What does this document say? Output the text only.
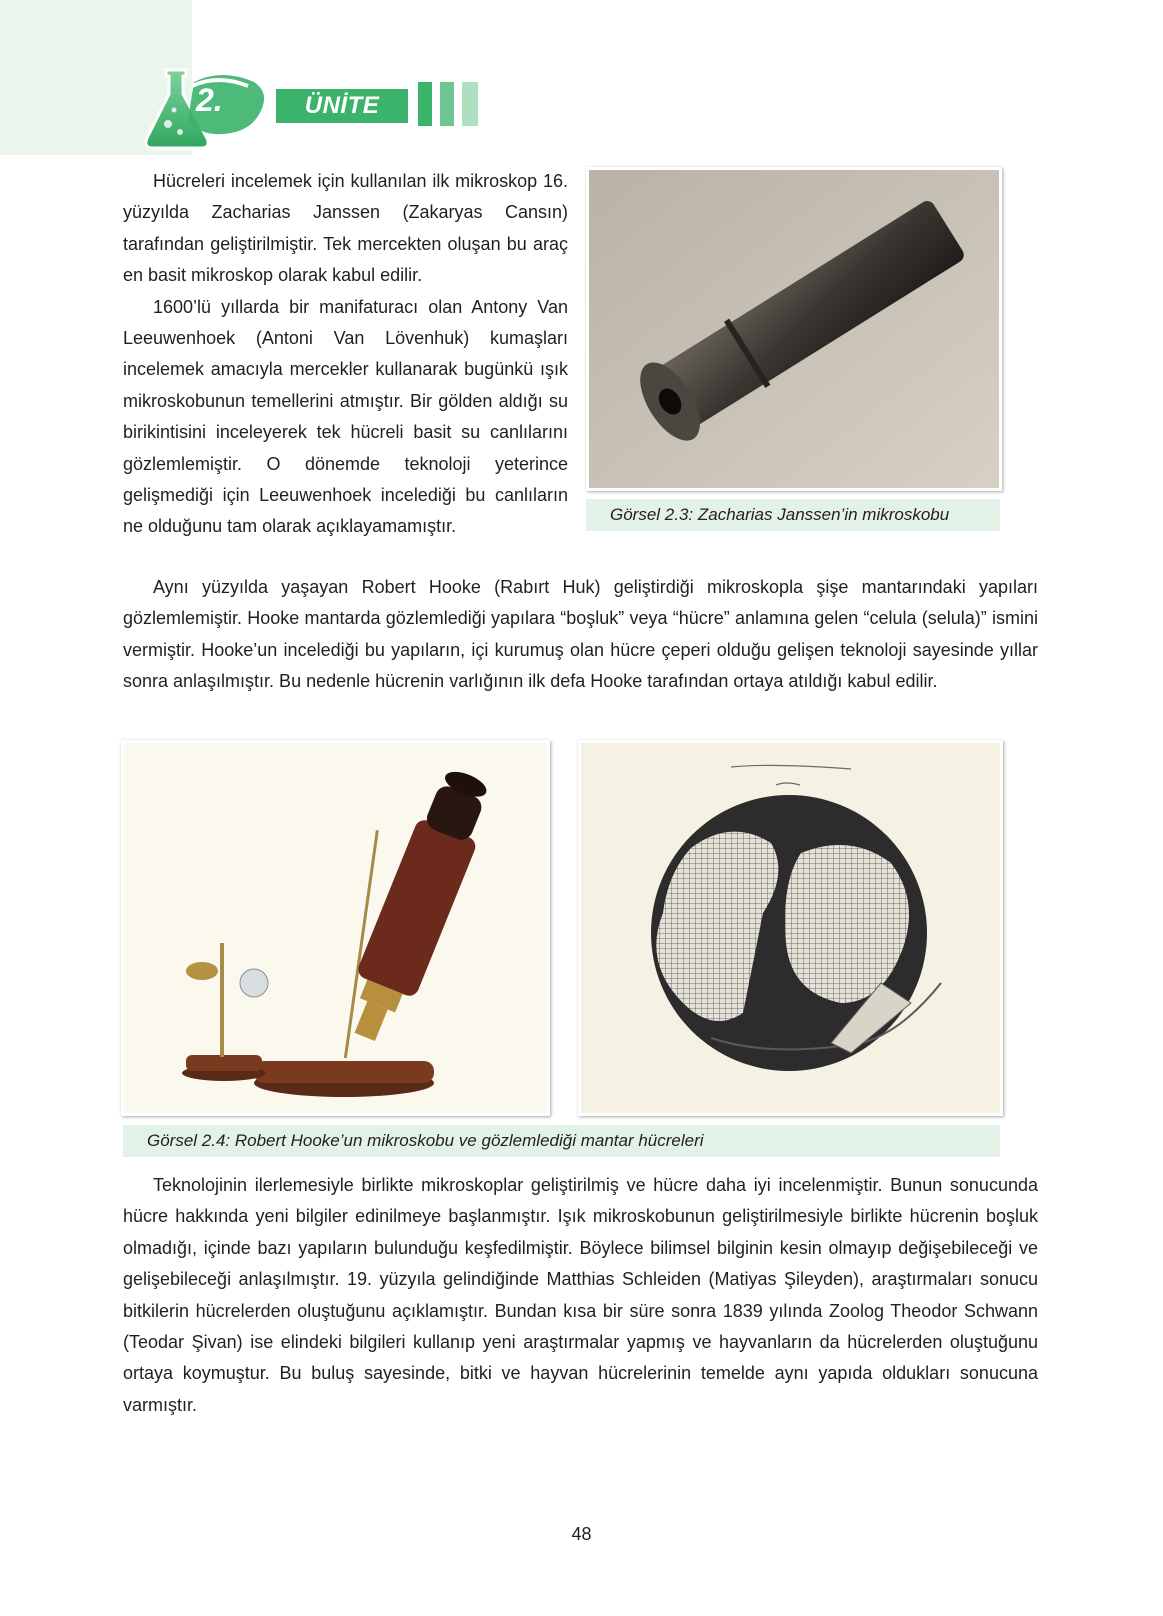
2.	ÜNİTE

Hücreleri incelemek için kullanılan ilk mikroskop 16. yüzyılda Zacharias Janssen (Zakaryas Cansın) tarafından geliştirilmiştir. Tek mercekten oluşan bu araç en basit mikroskop olarak kabul edilir.

1600’lü yıllarda bir manifaturacı olan Antony Van Leeuwenhoek (Antoni Van Lövenhuk) kumaşları incelemek amacıyla mercekler kullanarak bugünkü ışık mikroskobunun temellerini atmıştır. Bir gölden aldığı su birikintisini inceleyerek tek hücreli basit su canlılarını gözlemlemiştir. O dönemde teknoloji yeterince gelişmediği için Leeuwenhoek incelediği bu canlıların ne olduğunu tam olarak açıklayamamıştır.

Görsel 2.3: Zacharias Janssen’in mikroskobu

Aynı yüzyılda yaşayan Robert Hooke (Rabırt Huk) geliştirdiği mikroskopla şişe mantarındaki yapıları gözlemlemiştir. Hooke mantarda gözlemlediği yapılara “boşluk” veya “hücre” anlamına gelen “celula (selula)” ismini vermiştir. Hooke’un incelediği bu yapıların, içi kurumuş olan hücre çeperi olduğu gelişen teknoloji sayesinde yıllar sonra anlaşılmıştır. Bu nedenle hücrenin varlığının ilk defa Hooke tarafından ortaya atıldığı kabul edilir.

Görsel 2.4: Robert Hooke’un mikroskobu ve gözlemlediği mantar hücreleri

Teknolojinin ilerlemesiyle birlikte mikroskoplar geliştirilmiş ve hücre daha iyi incelenmiştir. Bunun sonucunda hücre hakkında yeni bilgiler edinilmeye başlanmıştır. Işık mikroskobunun geliştirilmesiyle birlikte hücrenin boşluk olmadığı, içinde bazı yapıların bulunduğu keşfedilmiştir. Böylece bilimsel bilginin kesin olmayıp değişebileceği ve gelişebileceği anlaşılmıştır. 19. yüzyıla gelindiğinde Matthias Schleiden (Matiyas Şileyden), araştırmaları sonucu bitkilerin hücrelerden oluştuğunu açıklamıştır. Bundan kısa bir süre sonra 1839 yılında Zoolog Theodor Schwann (Teodar Şivan) ise elindeki bilgileri kullanıp yeni araştırmalar yapmış ve hayvanların da hücrelerden oluştuğunu ortaya koymuştur. Bu buluş sayesinde, bitki ve hayvan hücrelerinin temelde aynı yapıda oldukları sonucuna varmıştır.

48
